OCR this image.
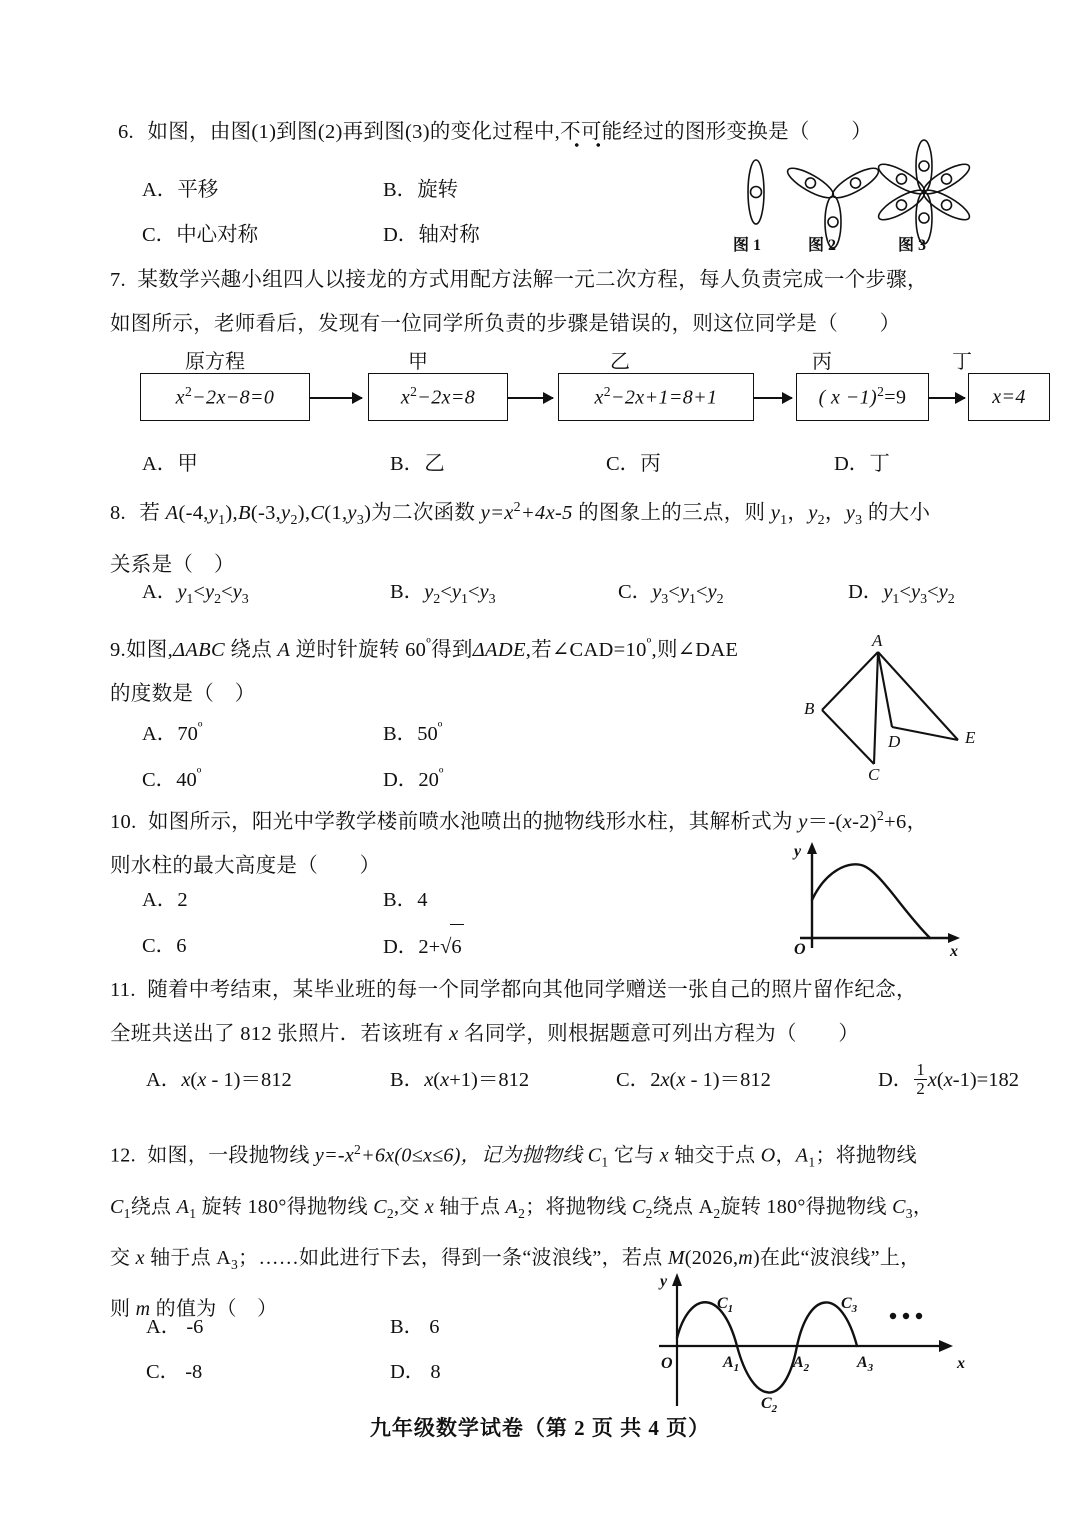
6. 如图，由图(1)到图(2)再到图(3)的变化过程中,不可能经过的图形变换是（　　）
A．平移	B．旋转
C．中心对称	D．轴对称	图 1	图 2	图 3
7. 某数学兴趣小组四人以接龙的方式用配方法解一元二次方程，每人负责完成一个步骤，
如图所示，老师看后，发现有一位同学所负责的步骤是错误的，则这位同学是（　　）
原方程	甲	乙	丙	丁
$x^2-2x-8=0$	$x^2-2x=8$	$x^2-2x+1=8+1$	( x −1)$^2$=9	x=4
A．甲	B．乙	C．丙	D．丁
8. 若 $A(-4,y_1),B(-3,y_2),C(1,y_3)$为二次函数 $y=x^2+4x-5$ 的图象上的三点，则 $y_1$，$y_2$，$y_3$ 的大小
关系是（　）
A．$y_1<y_2<y_3$	B．$y_2<y_1<y_3$	C．$y_3<y_1<y_2$	D．$y_1<y_3<y_2$
9.如图,ΔABC 绕点 A 逆时针旋转 $60^º$得到ΔADE,若$\angle CAD=10^º$,则∠DAE
的度数是（　）
A．$70^º$	B．$50^º$
C．$40^º$	D．$20^º$
A
B
C
D	E
10. 如图所示，阳光中学教学楼前喷水池喷出的抛物线形水柱，其解析式为 $y=-(x-2)^2+6$，
则水柱的最大高度是（　　）
A．2	B．4
C．6	D．2+√6
y
x
O
11. 随着中考结束，某毕业班的每一个同学都向其他同学赠送一张自己的照片留作纪念，
全班共送出了 812 张照片．若该班有 x 名同学，则根据题意可列出方程为（　　）
A．x(x - 1)＝812	B．x(x+1)＝812	C．2x(x - 1)＝812	D． $\frac{1}{2} x(x-1)=182$
12. 如图，一段抛物线 $y=-x^2+6x(0\le x\le 6)$，记为抛物线 $C_1$ 它与 x 轴交于点 O，$A_1$；将抛物线
$C_1$绕点 $A_1$ 旋转 180°得抛物线 $C_2$,交 x 轴于点 $A_2$；将抛物线 $C_2$绕点 $A_2$旋转 180°得抛物线 $C_3$，
交 x 轴于点 $A_3$；……如此进行下去，得到一条“波浪线”，若点 M(2026,m)在此“波浪线”上，
则 m 的值为（　）
A． -6	B． 6
C． -8	D． 8
y
x
O
$C_1$
$C_2$
$C_3$
$A_1$	$A_2$	$A_3$
九年级数学试卷（第 2 页 共 4 页）
